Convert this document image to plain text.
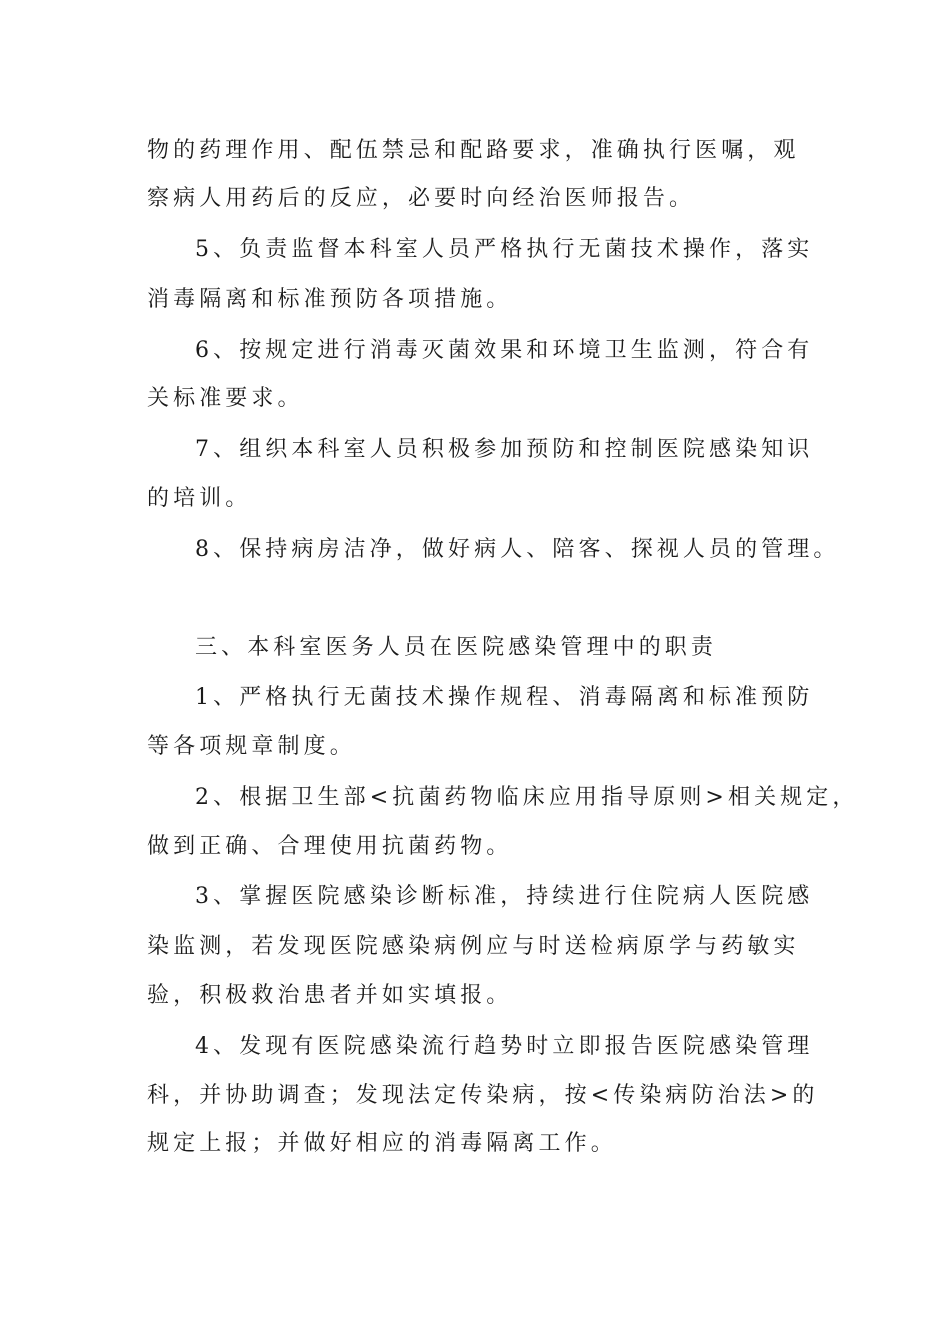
物的药理作用、配伍禁忌和配路要求，准确执行医嘱，观
察病人用药后的反应，必要时向经治医师报告。
5、负责监督本科室人员严格执行无菌技术操作，落实
消毒隔离和标准预防各项措施。
6、按规定进行消毒灭菌效果和环境卫生监测，符合有
关标准要求。
7、组织本科室人员积极参加预防和控制医院感染知识
的培训。
8、保持病房洁净，做好病人、陪客、探视人员的管理。
三、本科室医务人员在医院感染管理中的职责
1、严格执行无菌技术操作规程、消毒隔离和标准预防
等各项规章制度。
2、根据卫生部<抗菌药物临床应用指导原则>相关规定，
做到正确、合理使用抗菌药物。
3、掌握医院感染诊断标准，持续进行住院病人医院感
染监测，若发现医院感染病例应与时送检病原学与药敏实
验，积极救治患者并如实填报。
4、发现有医院感染流行趋势时立即报告医院感染管理
科，并协助调查；发现法定传染病，按<传染病防治法>的
规定上报；并做好相应的消毒隔离工作。
